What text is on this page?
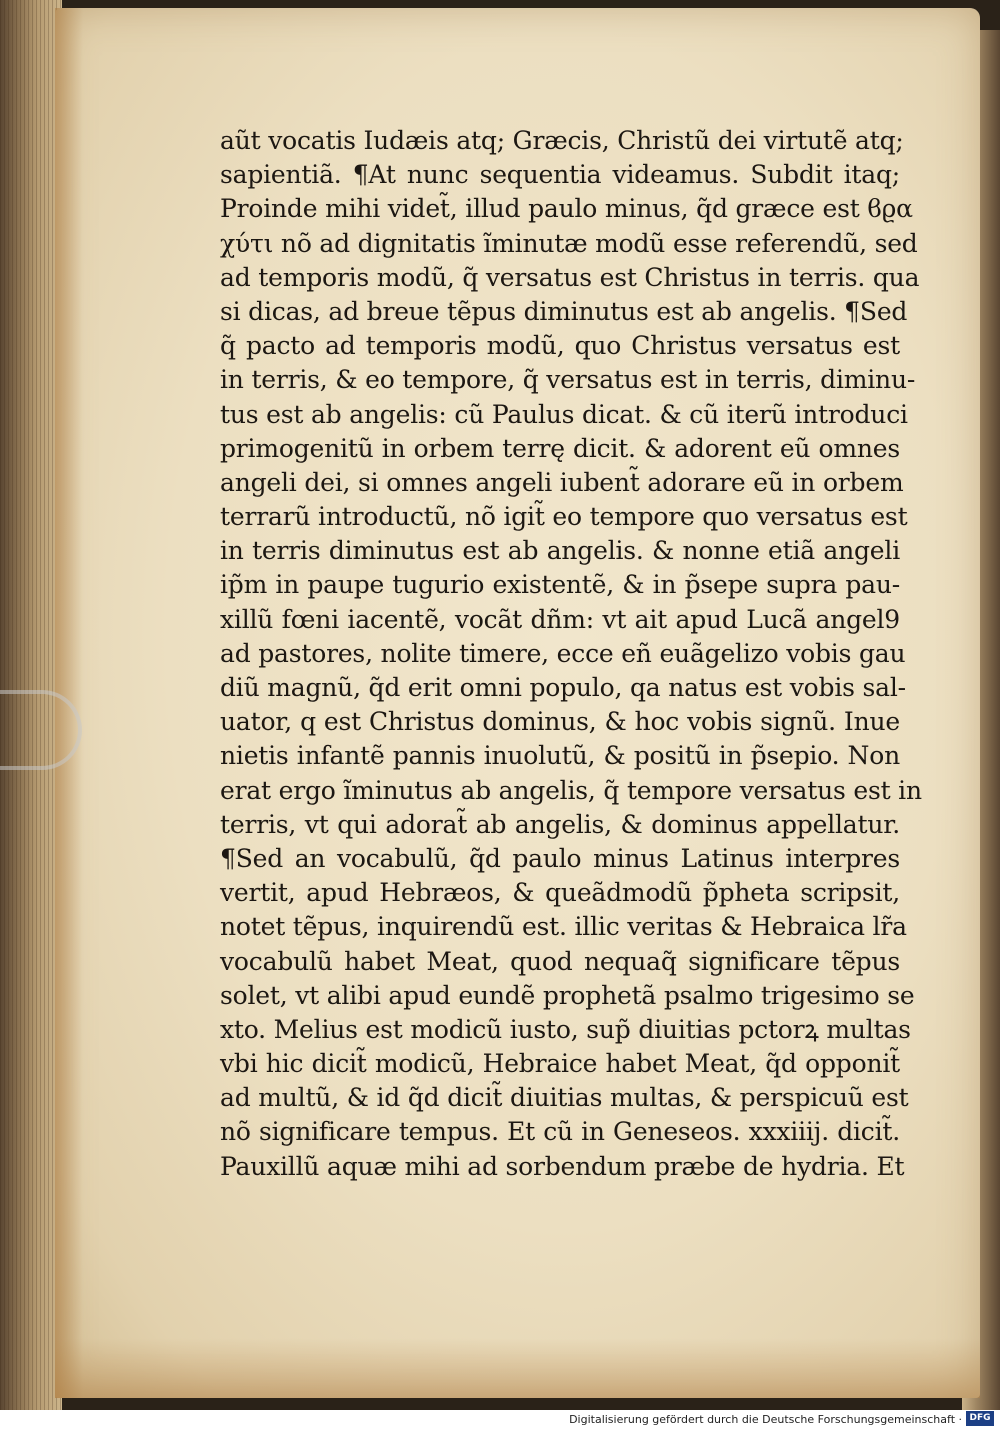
aũt vocatis Iudæis atq; Græcis, Christũ dei virtutẽ atq;
sapientiã. ¶At nunc sequentia videamus. Subdit itaq;
Proinde mihi videt̃, illud paulo minus, q̃d græce est ϐϱα
χύτι nõ ad dignitatis ĩminutæ modũ esse referendũ, sed
ad temporis modũ, q̃ versatus est Christus in terris. qua
si dicas, ad breue tẽpus diminutus est ab angelis. ¶Sed
q̃ pacto ad temporis modũ, quo Christus versatus est
in terris, & eo tempore, q̃ versatus est in terris, diminu-
tus est ab angelis: cũ Paulus dicat. & cũ iterũ introduci
primogenitũ in orbem terrę dicit. & adorent eũ omnes
angeli dei, si omnes angeli iubent̃ adorare eũ in orbem
terrarũ introductũ, nõ igit̃ eo tempore quo versatus est
in terris diminutus est ab angelis. & nonne etiã angeli
ip̃m in paupe tugurio existentẽ, & in p̃sepe supra pau-
xillũ fœni iacentẽ, vocãt dñm: vt ait apud Lucã angel9
ad pastores, nolite timere, ecce eñ euãgelizo vobis gau
diũ magnũ, q̃d erit omni populo, qa natus est vobis sal-
uator, q est Christus dominus, & hoc vobis signũ. Inue
nietis infantẽ pannis inuolutũ, & positũ in p̃sepio. Non
erat ergo ĩminutus ab angelis, q̃ tempore versatus est in
terris, vt qui adorat̃ ab angelis, & dominus appellatur.
¶Sed an vocabulũ, q̃d paulo minus Latinus interpres
vertit, apud Hebræos, & queãdmodũ p̃pheta scripsit,
notet tẽpus, inquirendũ est. illic veritas & Hebraica lr̃a
vocabulũ habet Meat, quod nequaq̃ significare tẽpus
solet, vt alibi apud eundẽ prophetã psalmo trigesimo se
xto. Melius est modicũ iusto, sup̃ diuitias pctorꝝ multas
vbi hic dicit̃ modicũ, Hebraice habet Meat, q̃d opponit̃
ad multũ, & id q̃d dicit̃ diuitias multas, & perspicuũ est
nõ significare tempus. Et cũ in Geneseos. xxxiiij. dicit̃.
Pauxillũ aquæ mihi ad sorbendum præbe de hydria. Et
Digitalisierung gefördert durch die Deutsche Forschungsgemeinschaft · DFG
